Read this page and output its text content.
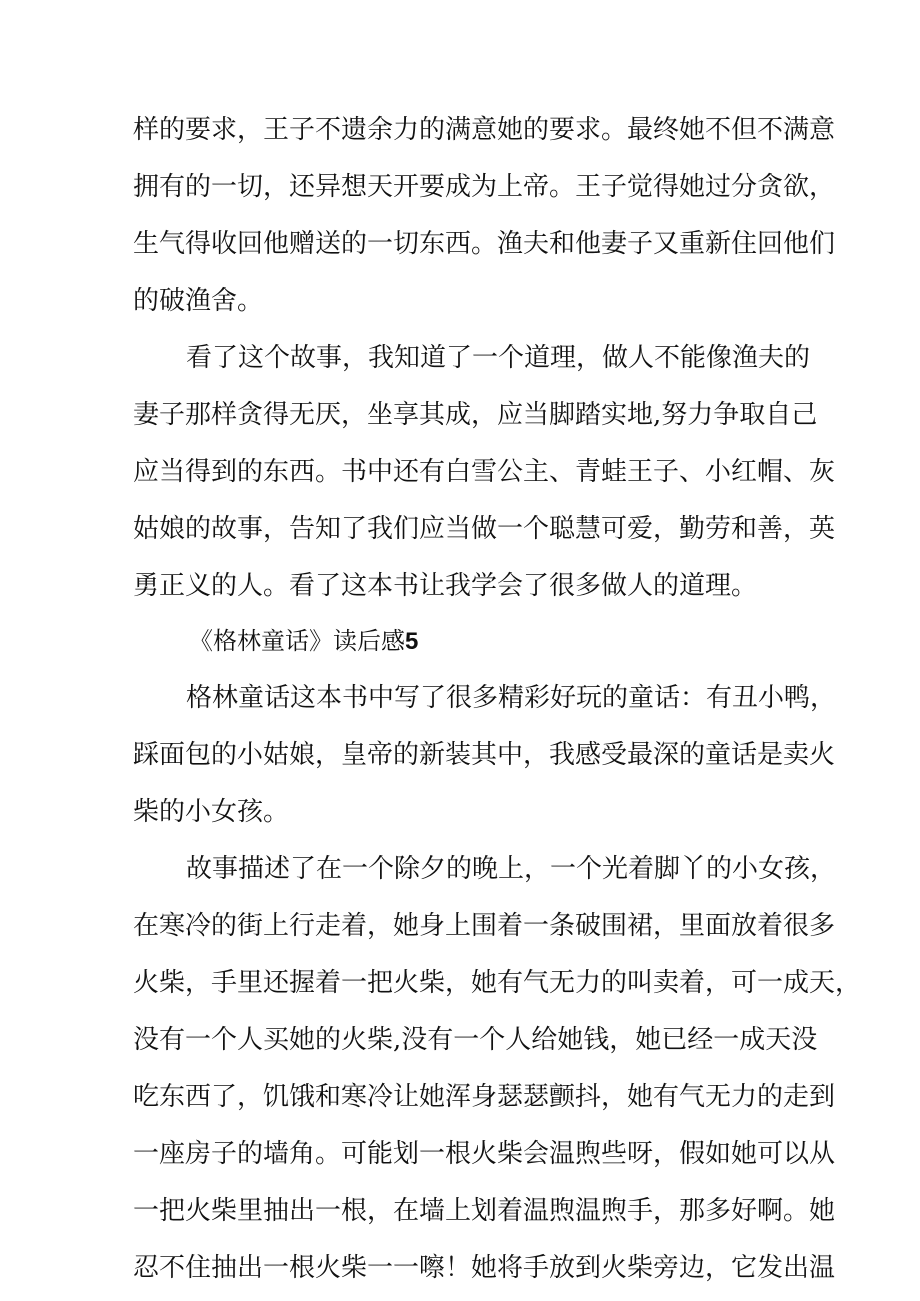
样的要求，王子不遗余力的满意她的要求。最终她不但不满意
拥有的一切，还异想天开要成为上帝。王子觉得她过分贪欲，
生气得收回他赠送的一切东西。渔夫和他妻子又重新住回他们
的破渔舍。
看了这个故事，我知道了一个道理，做人不能像渔夫的
妻子那样贪得无厌，坐享其成，应当脚踏实地,努力争取自己
应当得到的东西。书中还有白雪公主、青蛙王子、小红帽、灰
姑娘的故事，告知了我们应当做一个聪慧可爱，勤劳和善，英
勇正义的人。看了这本书让我学会了很多做人的道理。
《格林童话》读后感5
格林童话这本书中写了很多精彩好玩的童话：有丑小鸭，
踩面包的小姑娘，皇帝的新装其中，我感受最深的童话是卖火
柴的小女孩。
故事描述了在一个除夕的晚上，一个光着脚丫的小女孩，
在寒冷的街上行走着，她身上围着一条破围裙，里面放着很多
火柴，手里还握着一把火柴，她有气无力的叫卖着，可一成天，
没有一个人买她的火柴,没有一个人给她钱，她已经一成天没
吃东西了，饥饿和寒冷让她浑身瑟瑟颤抖，她有气无力的走到
一座房子的墙角。可能划一根火柴会温煦些呀，假如她可以从
一把火柴里抽出一根，在墙上划着温煦温煦手，那多好啊。她
忍不住抽出一根火柴一一嚓！她将手放到火柴旁边，它发出温
